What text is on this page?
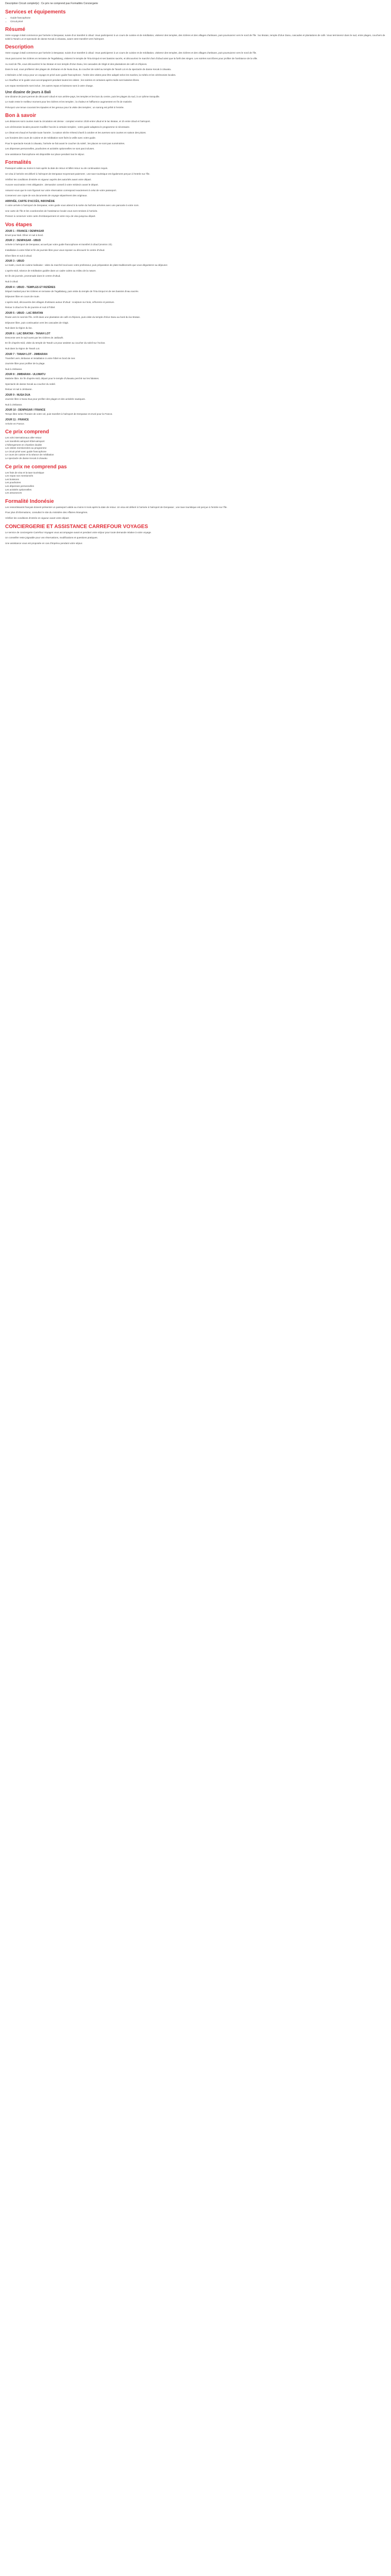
Description Circuit complet(e) : Ce prix ne comprend pas Formalités Conciergerie
Services et équipements
• Guide francophone
• Circuit privé
Résumé

Votre voyage à Bali commence par l'arrivée à Denpasar, suivie d'un transfert à Ubud. Vous participerez à un cours de cuisine et de méditation, visiterez des temples, des rizières et des villages d'artisans, puis poursuivrez vers le nord de l'île : lac Bratan, temple d'Ulun Danu, cascades et plantations de café. Vous terminerez dans le sud, entre plages, couchers de soleil à Tanah Lot et spectacle de danse Kecak à Uluwatu, avant votre transfert vers l'aéroport.

Description

Votre voyage à Bali commence par l'arrivée à Denpasar, suivie d'un transfert à Ubud. Vous participerez à un cours de cuisine et de méditation, visiterez des temples, des rizières et des villages d'artisans, puis poursuivrez vers le nord de l'île.

Vous parcourrez les rizières en terrasse de Tegallalang, visiterez le temple de Tirta Empul et ses bassins sacrés, et découvrirez le marché d'art d'Ubud ainsi que la forêt des singes. Les soirées sont libres pour profiter de l'ambiance de la ville.

Au nord de l'île, vous découvrirez le lac Bratan et son temple d'Ulun Danu, les cascades de Gitgit et des plantations de café et d'épices.

Dans le sud, vous profiterez des plages de Jimbaran et de Nusa Dua, du coucher de soleil au temple de Tanah Lot et du spectacle de danse Kecak à Uluwatu.

L'itinéraire a été conçu pour un voyage en privé avec guide francophone ; l'ordre des visites peut être adapté selon les marées, la météo et les cérémonies locales.

Le chauffeur et le guide vous accompagnent pendant toutes les visites ; les soirées et certaines après-midis sont laissées libres.

Les repas mentionnés sont inclus ; les autres repas et boissons sont à votre charge.

Une dizaine de jours à Bali

Une dizaine de jours permet de découvrir Ubud et son arrière-pays, les temples et les lacs du centre, puis les plages du sud, à un rythme tranquille.

Le matin reste le meilleur moment pour les rizières et les temples ; la chaleur et l'affluence augmentent en fin de matinée.

Prévoyez une tenue couvrant les épaules et les genoux pour la visite des temples ; un sarong est prêté à l'entrée.

Bon à savoir

Les distances sont courtes mais la circulation est dense : comptez environ 1h30 entre Ubud et le lac Bratan, et 1h entre Ubud et l'aéroport.

Les cérémonies locales peuvent modifier l'accès à certains temples ; votre guide adaptera le programme si nécessaire.

Le climat est chaud et humide toute l'année ; la saison sèche s'étend d'avril à octobre et les averses sont courtes en saison des pluies.

Les horaires des cours de cuisine et de méditation sont fixés la veille avec votre guide.

Pour le spectacle Kecak à Uluwatu, l'arrivée se fait avant le coucher du soleil ; les places ne sont pas numérotées.

Les dépenses personnelles, pourboires et activités optionnelles ne sont pas incluses.

Une assistance francophone est disponible sur place pendant tout le séjour.

Formalités

Passeport valide au moins 6 mois après la date de retour et billet retour ou de continuation requis.

Un visa à l'arrivée est délivré à l'aéroport de Denpasar moyennant paiement ; une taxe touristique est également perçue à l'entrée sur l'île.

Vérifiez les conditions d'entrée en vigueur auprès des autorités avant votre départ.

Aucune vaccination n'est obligatoire ; demandez conseil à votre médecin avant le départ.

Assurez-vous que le nom figurant sur votre réservation correspond exactement à celui de votre passeport.

Conservez une copie de vos documents de voyage séparément des originaux.

ARRIVÉE, CARTE D'ACCÈS, INDONÉSIE

À votre arrivée à l'aéroport de Denpasar, votre guide vous attend à la sortie du hall des arrivées avec une pancarte à votre nom.

Une carte de l'île et les coordonnées de l'assistance locale vous sont remises à l'arrivée.

Pensez à conserver votre carte d'embarquement et votre reçu de visa jusqu'au départ.

Vos étapes
JOUR 1 : FRANCE / DENPASAR

Envol pour Bali. Dîner et nuit à bord.

JOUR 2 : DENPASAR - UBUD

Arrivée à l'aéroport de Denpasar, accueil par votre guide francophone et transfert à Ubud (environ 1h).

Installation à votre hôtel et fin de journée libre pour vous reposer ou découvrir le centre d'Ubud.

Dîner libre et nuit à Ubud.

JOUR 3 : UBUD

Le matin, cours de cuisine balinaise : visite du marché local avec votre professeur, puis préparation de plats traditionnels que vous dégusterez au déjeuner.

L'après-midi, séance de méditation guidée dans un cadre calme au milieu de la nature.

En fin de journée, promenade dans le centre d'Ubud.

Nuit à Ubud.

JOUR 4 : UBUD - TEMPLES ET RIZIÈRES

Départ matinal pour les rizières en terrasse de Tegallalang, puis visite du temple de Tirta Empul et de ses bassins d'eau sacrée.

Déjeuner libre en cours de route.

L'après-midi, découverte des villages d'artisans autour d'Ubud : sculpture sur bois, orfèvrerie et peinture.

Retour à Ubud en fin de journée et nuit à l'hôtel.

JOUR 5 : UBUD - LAC BRATAN

Route vers le nord de l'île. Arrêt dans une plantation de café et d'épices, puis visite du temple d'Ulun Danu au bord du lac Bratan.

Déjeuner libre, puis continuation vers les cascades de Gitgit.

Nuit dans la région du lac.

JOUR 6 : LAC BRATAN - TANAH LOT

Descente vers le sud-ouest par les rizières de Jatiluwih.

En fin d'après-midi, visite du temple de Tanah Lot pour assister au coucher du soleil sur l'océan.

Nuit dans la région de Tanah Lot.

JOUR 7 : TANAH LOT - JIMBARAN

Transfert vers Jimbaran et installation à votre hôtel en bord de mer.

Journée libre pour profiter de la plage.

Nuit à Jimbaran.

JOUR 8 : JIMBARAN - ULUWATU

Matinée libre. En fin d'après-midi, départ pour le temple d'Uluwatu perché sur les falaises.

Spectacle de danse Kecak au coucher du soleil.

Retour et nuit à Jimbaran.

JOUR 9 : NUSA DUA

Journée libre à Nusa Dua pour profiter des plages et des activités nautiques.

Nuit à Jimbaran.

JOUR 10 : DENPASAR / FRANCE

Temps libre selon l'horaire de votre vol, puis transfert à l'aéroport de Denpasar et envol pour la France.

JOUR 11 : FRANCE

Arrivée en France.

Ce prix comprend
Les vols internationaux aller-retour
Les transferts aéroport-hôtel-aéroport
L'hébergement en chambre double
Les visites mentionnées au programme
Le circuit privé avec guide francophone
Le cours de cuisine et la séance de méditation
Le spectacle de danse Kecak à Uluwatu
Ce prix ne comprend pas
Les frais de visa et la taxe touristique
Les repas non mentionnés
Les boissons
Les pourboires
Les dépenses personnelles
Les activités optionnelles
Les assurances
Formalité Indonésie

Les ressortissants français doivent présenter un passeport valide au moins 6 mois après la date de retour. Un visa est délivré à l'arrivée à l'aéroport de Denpasar ; une taxe touristique est perçue à l'entrée sur l'île.

Pour plus d'informations, consultez le site du ministère des Affaires étrangères.

Vérifiez les conditions d'entrée en vigueur avant votre départ.

CONCIERGERIE ET ASSISTANCE CARREFOUR VOYAGES

Le service de conciergerie Carrefour Voyages vous accompagne avant et pendant votre séjour pour toute demande relative à votre voyage.

Un conseiller reste joignable pour vos réservations, modifications et questions pratiques.

Une assistance vous est proposée en cas d'imprévu pendant votre séjour.
